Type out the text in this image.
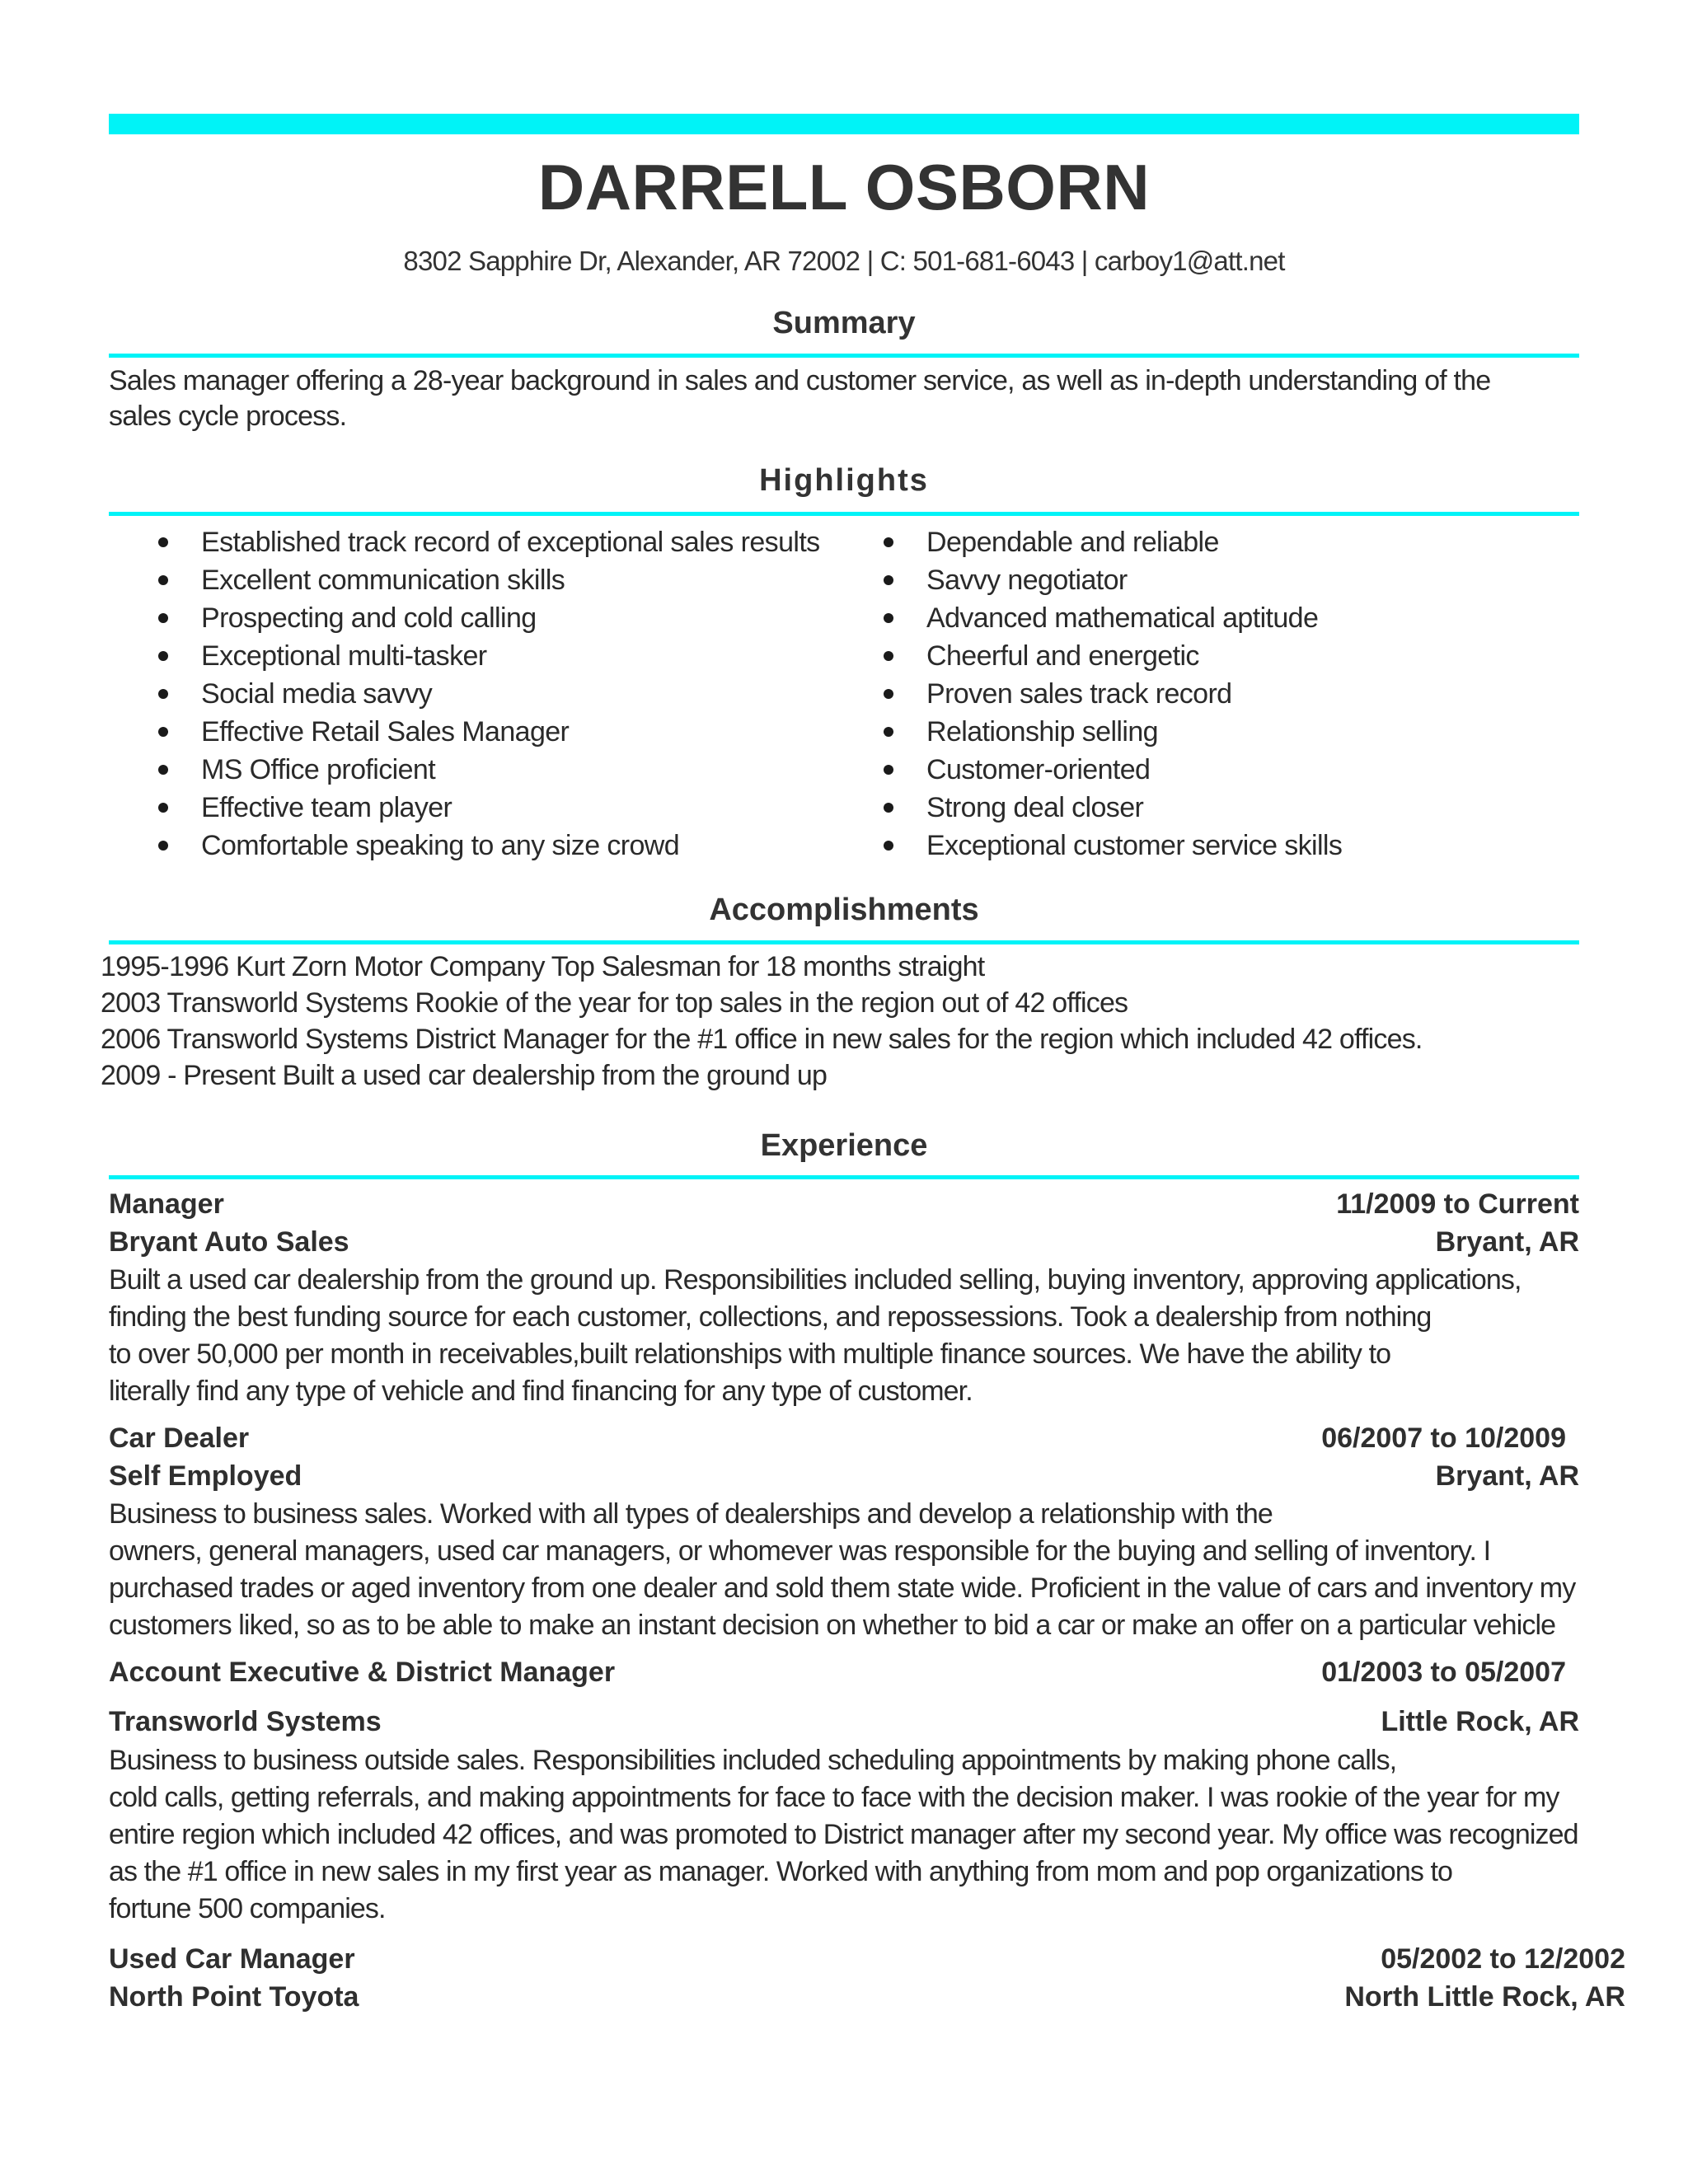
DARRELL OSBORN
8302 Sapphire Dr, Alexander, AR 72002 | C: 501-681-6043 | carboy1@att.net
Summary
Sales manager offering a 28-year background in sales and customer service, as well as in-depth understanding of the sales cycle process.
Highlights
Established track record of exceptional sales results
Excellent communication skills
Prospecting and cold calling
Exceptional multi-tasker
Social media savvy
Effective Retail Sales Manager
MS Office proficient
Effective team player
Comfortable speaking to any size crowd
Dependable and reliable
Savvy negotiator
Advanced mathematical aptitude
Cheerful and energetic
Proven sales track record
Relationship selling
Customer-oriented
Strong deal closer
Exceptional customer service skills
Accomplishments
1995-1996 Kurt Zorn Motor Company Top Salesman for 18 months straight
2003 Transworld Systems Rookie of the year for top sales in the region out of 42 offices
2006 Transworld Systems District Manager for the #1 office in new sales for the region which included 42 offices.
2009 - Present Built a used car dealership from the ground up
Experience
Manager	11/2009 to Current
Bryant Auto Sales	Bryant, AR
Built a used car dealership from the ground up. Responsibilities included selling, buying inventory, approving applications,
finding the best funding source for each customer, collections, and repossessions. Took a dealership from nothing
to over 50,000 per month in receivables,built relationships with multiple finance sources. We have the ability to
literally find any type of vehicle and find financing for any type of customer.
Car Dealer	06/2007 to 10/2009
Self Employed	Bryant, AR
Business to business sales. Worked with all types of dealerships and develop a relationship with the
owners, general managers, used car managers, or whomever was responsible for the buying and selling of inventory. I
purchased trades or aged inventory from one dealer and sold them state wide. Proficient in the value of cars and inventory my
customers liked, so as to be able to make an instant decision on whether to bid a car or make an offer on a particular vehicle
Account Executive & District Manager	01/2003 to 05/2007
Transworld Systems	Little Rock, AR
Business to business outside sales. Responsibilities included scheduling appointments by making phone calls,
cold calls, getting referrals, and making appointments for face to face with the decision maker. I was rookie of the year for my
entire region which included 42 offices, and was promoted to District manager after my second year. My office was recognized
as the #1 office in new sales in my first year as manager. Worked with anything from mom and pop organizations to
fortune 500 companies.
Used Car Manager	05/2002 to 12/2002
North Point Toyota	North Little Rock, AR
